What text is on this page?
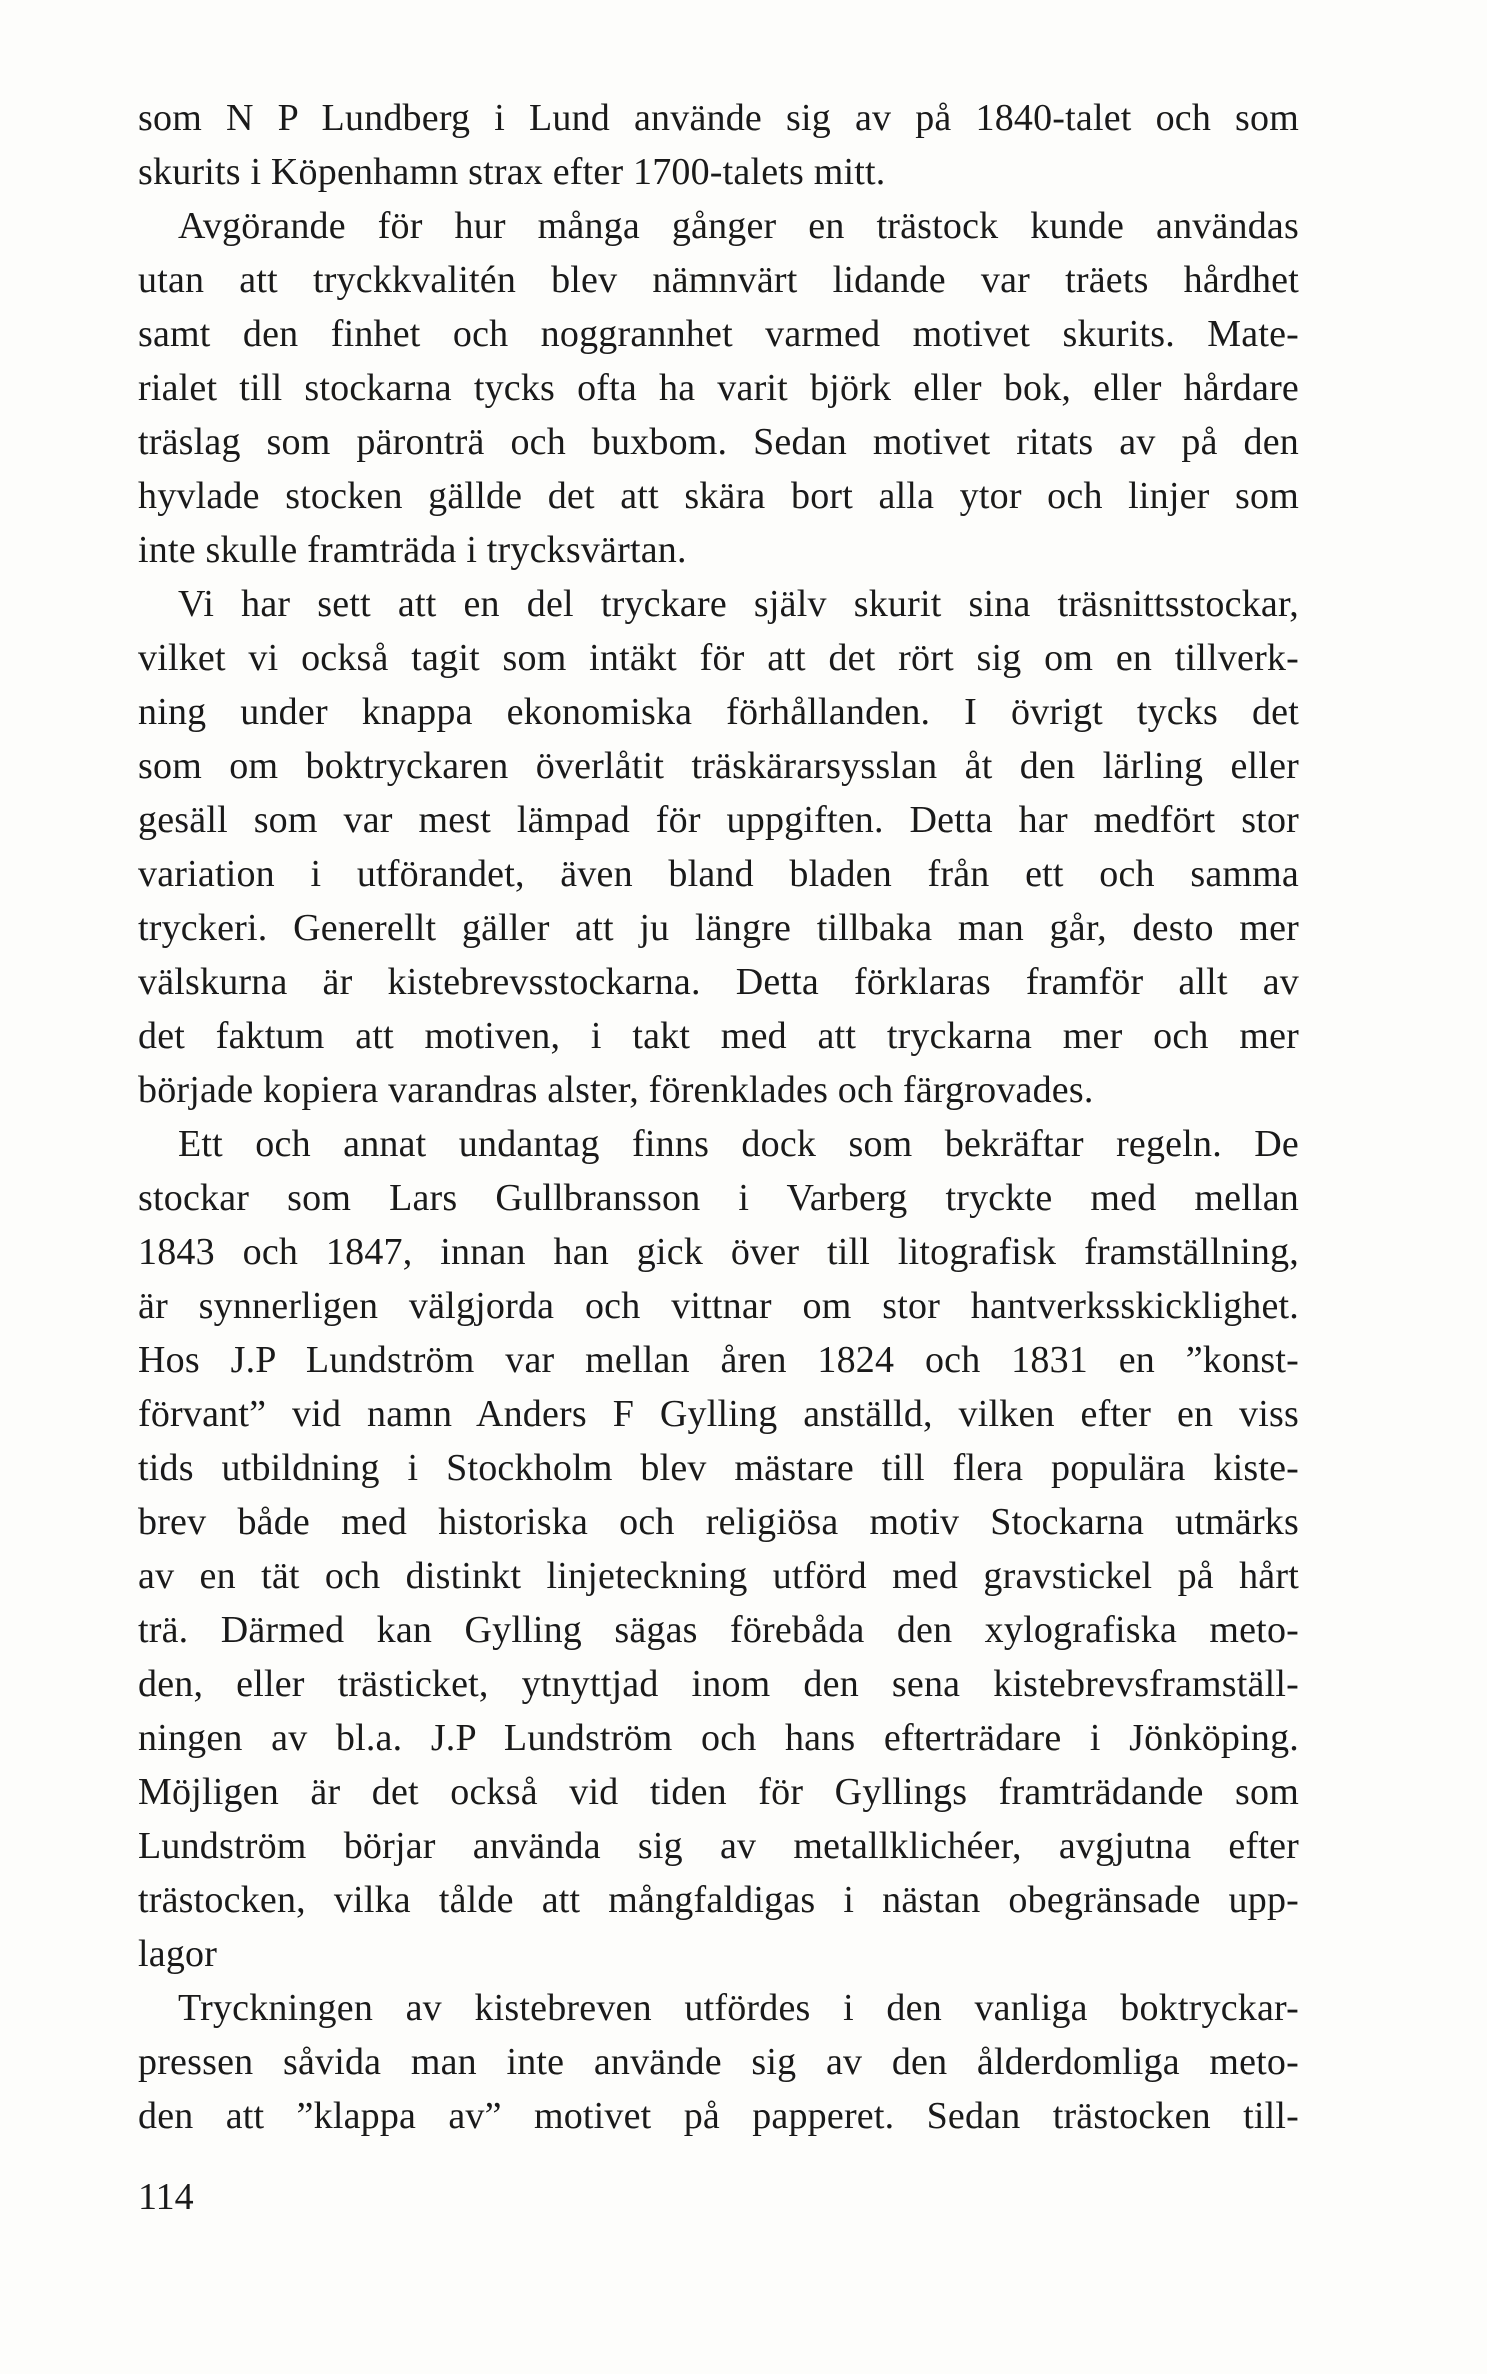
som N P Lundberg i Lund använde sig av på 1840-talet och som
skurits i Köpenhamn strax efter 1700-talets mitt.
Avgörande för hur många gånger en trästock kunde användas
utan att tryckkvalitén blev nämnvärt lidande var träets hårdhet
samt den finhet och noggrannhet varmed motivet skurits. Mate-
rialet till stockarna tycks ofta ha varit björk eller bok, eller hårdare
träslag som päronträ och buxbom. Sedan motivet ritats av på den
hyvlade stocken gällde det att skära bort alla ytor och linjer som
inte skulle framträda i trycksvärtan.
Vi har sett att en del tryckare själv skurit sina träsnittsstockar,
vilket vi också tagit som intäkt för att det rört sig om en tillverk-
ning under knappa ekonomiska förhållanden. I övrigt tycks det
som om boktryckaren överlåtit träskärarsysslan åt den lärling eller
gesäll som var mest lämpad för uppgiften. Detta har medfört stor
variation i utförandet, även bland bladen från ett och samma
tryckeri. Generellt gäller att ju längre tillbaka man går, desto mer
välskurna är kistebrevsstockarna. Detta förklaras framför allt av
det faktum att motiven, i takt med att tryckarna mer och mer
började kopiera varandras alster, förenklades och färgrovades.
Ett och annat undantag finns dock som bekräftar regeln. De
stockar som Lars Gullbransson i Varberg tryckte med mellan
1843 och 1847, innan han gick över till litografisk framställning,
är synnerligen välgjorda och vittnar om stor hantverksskicklighet.
Hos J.P Lundström var mellan åren 1824 och 1831 en ”konst-
förvant” vid namn Anders F Gylling anställd, vilken efter en viss
tids utbildning i Stockholm blev mästare till flera populära kiste-
brev både med historiska och religiösa motiv Stockarna utmärks
av en tät och distinkt linjeteckning utförd med gravstickel på hårt
trä. Därmed kan Gylling sägas förebåda den xylografiska meto-
den, eller trästicket, ytnyttjad inom den sena kistebrevsframställ-
ningen av bl.a. J.P Lundström och hans efterträdare i Jönköping.
Möjligen är det också vid tiden för Gyllings framträdande som
Lundström börjar använda sig av metallklichéer, avgjutna efter
trästocken, vilka tålde att mångfaldigas i nästan obegränsade upp-
lagor
Tryckningen av kistebreven utfördes i den vanliga boktryckar-
pressen såvida man inte använde sig av den ålderdomliga meto-
den att ”klappa av” motivet på papperet. Sedan trästocken till-
114
